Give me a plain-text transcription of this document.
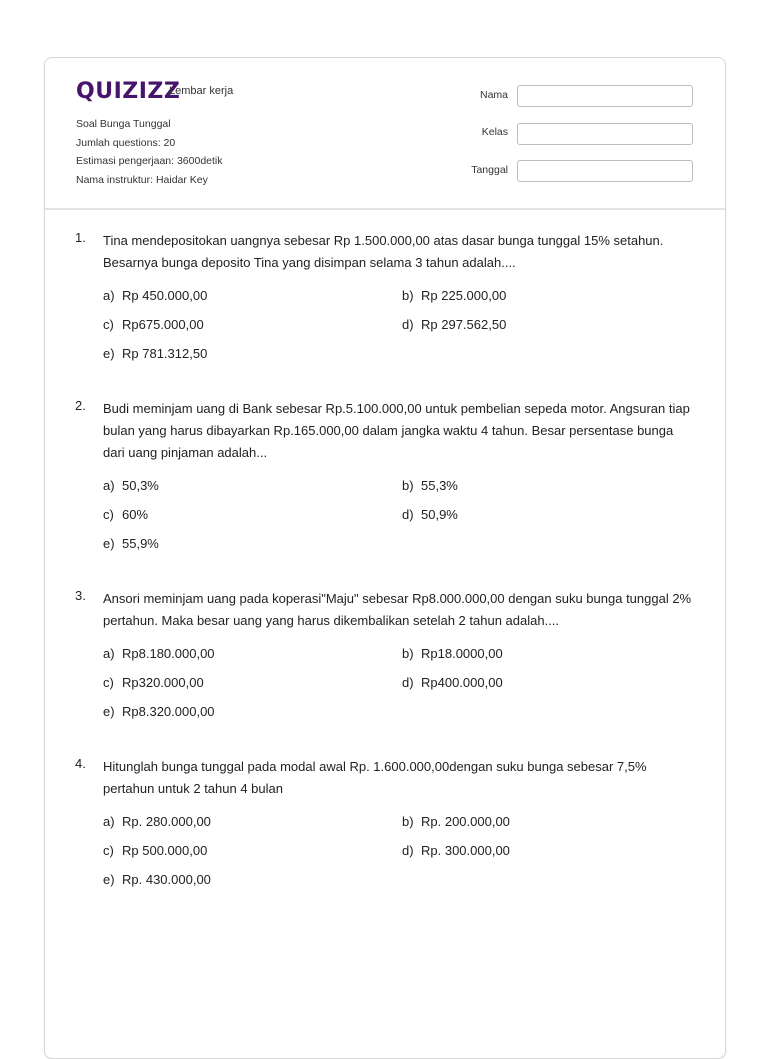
QUIZIZZ
Lembar kerja
Soal Bunga Tunggal
Jumlah questions: 20
Estimasi pengerjaan: 3600detik
Nama instruktur: Haidar Key
Nama
Kelas
Tanggal
1. Tina mendepositokan uangnya sebesar Rp 1.500.000,00 atas dasar bunga tunggal 15% setahun. Besarnya bunga deposito Tina yang disimpan selama 3 tahun adalah....
a) Rp 450.000,00	b) Rp 225.000,00
c) Rp675.000,00	d) Rp 297.562,50
e) Rp 781.312,50
2. Budi meminjam uang di Bank sebesar Rp.5.100.000,00 untuk pembelian sepeda motor. Angsuran tiap bulan yang harus dibayarkan Rp.165.000,00 dalam jangka waktu 4 tahun. Besar persentase bunga dari uang pinjaman adalah...
a) 50,3%	b) 55,3%
c) 60%	d) 50,9%
e) 55,9%
3. Ansori meminjam uang pada koperasi"Maju" sebesar Rp8.000.000,00 dengan suku bunga tunggal 2% pertahun. Maka besar uang yang harus dikembalikan setelah 2 tahun adalah....
a) Rp8.180.000,00	b) Rp18.0000,00
c) Rp320.000,00	d) Rp400.000,00
e) Rp8.320.000,00
4. Hitunglah bunga tunggal pada modal awal Rp. 1.600.000,00dengan suku bunga sebesar 7,5% pertahun untuk 2 tahun 4 bulan
a) Rp. 280.000,00	b) Rp. 200.000,00
c) Rp 500.000,00	d) Rp. 300.000,00
e) Rp. 430.000,00
